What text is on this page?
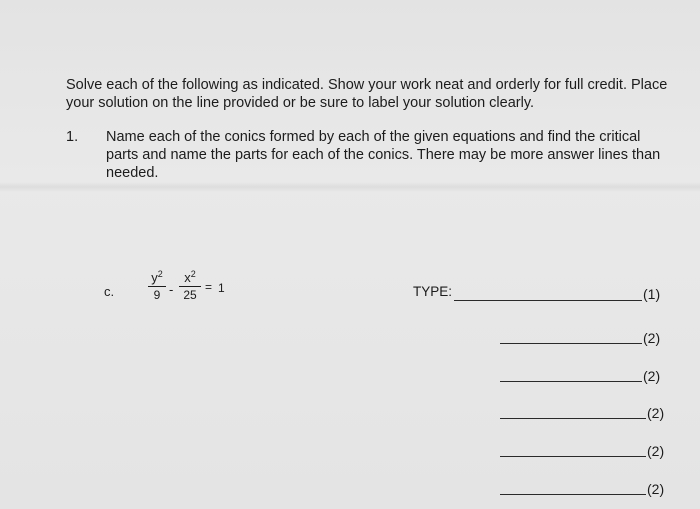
Solve each of the following as indicated. Show your work neat and orderly for full credit. Place your solution on the line provided or be sure to label your solution clearly.
1. Name each of the conics formed by each of the given equations and find the critical parts and name the parts for each of the conics. There may be more answer lines than needed.
c.
$y^2$
9 -
$x^2$
25
= 1	TYPE:	(1)
(2)
(2)
(2)
(2)
(2)
